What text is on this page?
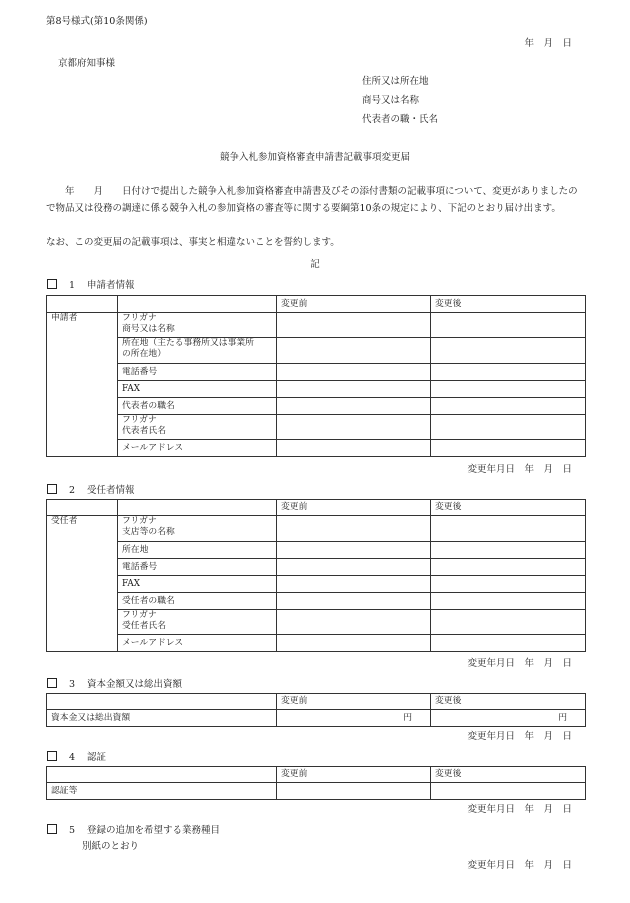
第8号様式(第10条関係)
年　月　日
京都府知事様
住所又は所在地
商号又は名称
代表者の職・氏名
競争入札参加資格審査申請書記載事項変更届
　　年　　月　　日付けで提出した競争入札参加資格審査申請書及びその添付書類の記載事項について、変更がありましたので物品又は役務の調達に係る競争入札の参加資格の審査等に関する要綱第10条の規定により、下記のとおり届け出ます。
なお、この変更届の記載事項は、事実と相違ないことを誓約します。
記
1 申請者情報
		変更前	変更後
申請者	フリガナ
商号又は名称		

	所在地（主たる事務所又は事業所
の所在地）		

	電話番号		
	FAX		
	代表者の職名		

	フリガナ
代表者氏名		

	メールアドレス		
変更年月日　年　月　日
2 受任者情報
		変更前	変更後
受任者	フリガナ
支店等の名称		

	所在地		
	電話番号		
	FAX		
	受任者の職名		

	フリガナ
受任者氏名		

	メールアドレス		
変更年月日　年　月　日
3 資本金額又は総出資額
	変更前	変更後
資本金又は総出資額	円	円
変更年月日　年　月　日
4 認証
	変更前	変更後
認証等		
変更年月日　年　月　日
5 登録の追加を希望する業務種目
別紙のとおり
変更年月日　年　月　日
